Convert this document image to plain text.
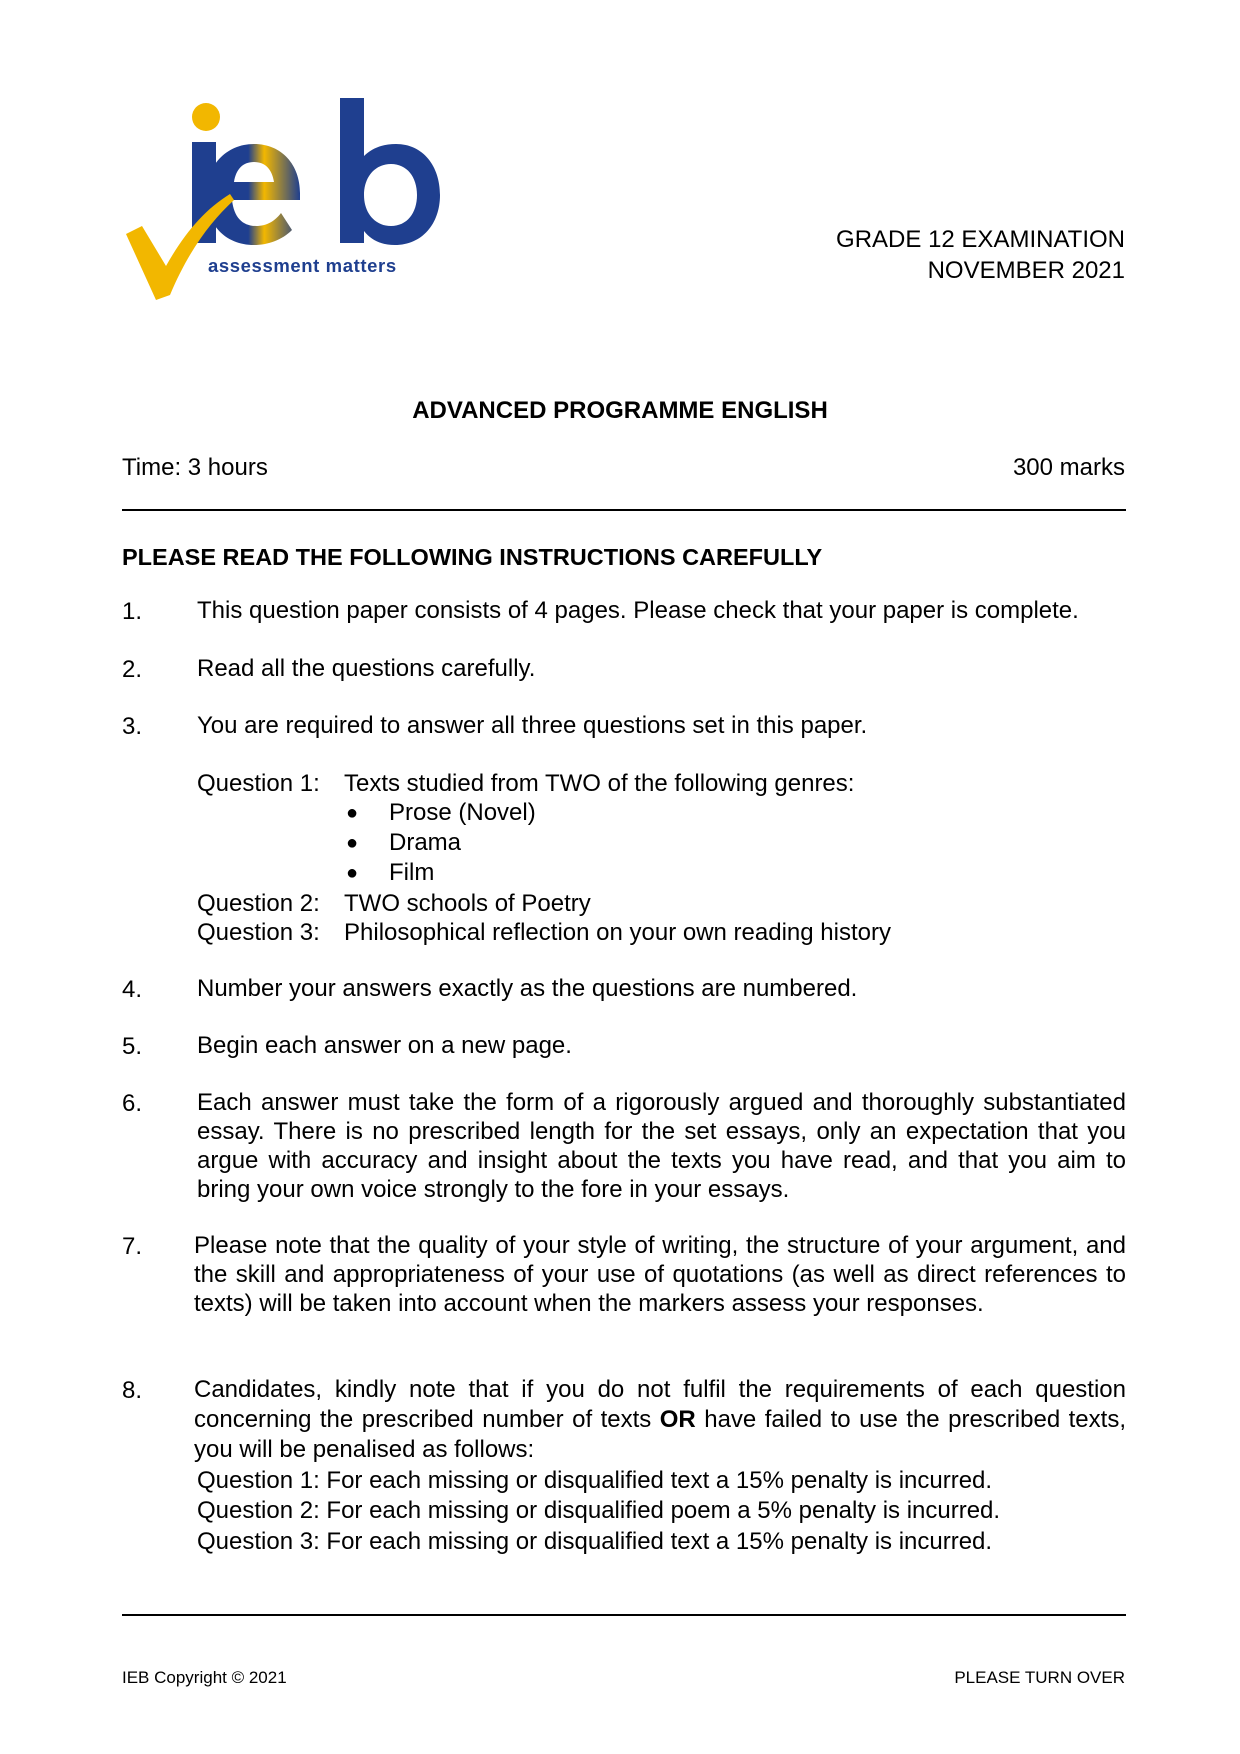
assessment matters
GRADE 12 EXAMINATION
NOVEMBER 2021
ADVANCED PROGRAMME ENGLISH
Time: 3 hours	300 marks
PLEASE READ THE FOLLOWING INSTRUCTIONS CAREFULLY
1. This question paper consists of 4 pages. Please check that your paper is complete.
2. Read all the questions carefully.
3. You are required to answer all three questions set in this paper.
Question 1: Texts studied from TWO of the following genres:
● Prose (Novel)
● Drama
● Film
Question 2: TWO schools of Poetry
Question 3: Philosophical reflection on your own reading history
4. Number your answers exactly as the questions are numbered.
5. Begin each answer on a new page.
6. Each answer must take the form of a rigorously argued and thoroughly substantiated essay. There is no prescribed length for the set essays, only an expectation that you argue with accuracy and insight about the texts you have read, and that you aim to bring your own voice strongly to the fore in your essays.
7. Please note that the quality of your style of writing, the structure of your argument, and the skill and appropriateness of your use of quotations (as well as direct references to texts) will be taken into account when the markers assess your responses.
8. Candidates, kindly note that if you do not fulfil the requirements of each question concerning the prescribed number of texts OR have failed to use the prescribed texts, you will be penalised as follows:
Question 1: For each missing or disqualified text a 15% penalty is incurred.
Question 2: For each missing or disqualified poem a 5% penalty is incurred.
Question 3: For each missing or disqualified text a 15% penalty is incurred.
IEB Copyright © 2021	PLEASE TURN OVER
